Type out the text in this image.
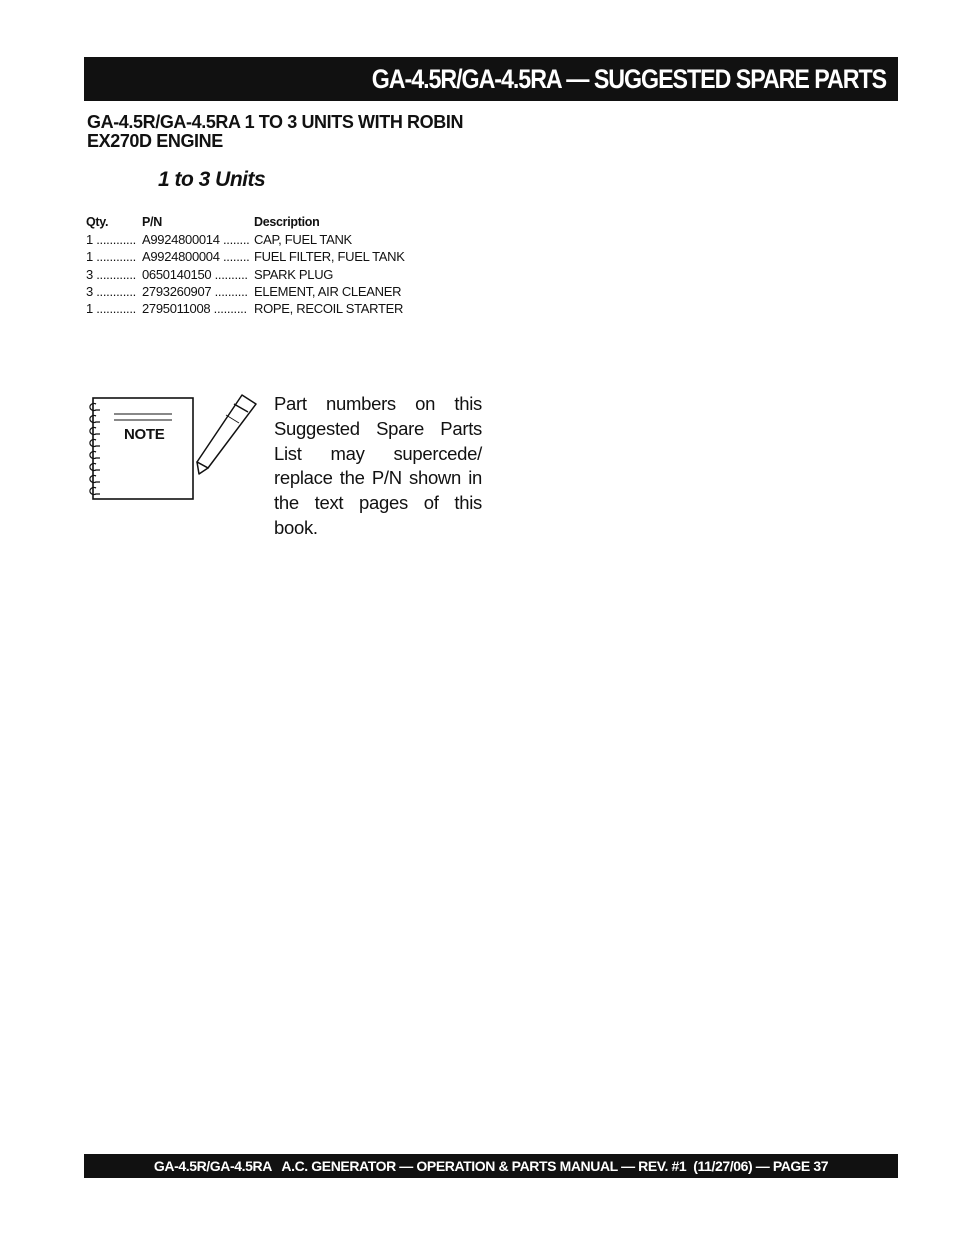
GA-4.5R/GA-4.5RA — SUGGESTED SPARE PARTS
GA-4.5R/GA-4.5RA 1 TO 3 UNITS WITH ROBIN
EX270D ENGINE
1 to 3 Units
Qty.	P/N	Description
1 ............	A9924800014 ........	CAP, FUEL TANK
1 ............	A9924800004 ........	FUEL FILTER, FUEL TANK
3 ............	0650140150 ..........	SPARK PLUG
3 ............	2793260907 ..........	ELEMENT, AIR CLEANER
1 ............	2795011008 ..........	ROPE, RECOIL STARTER
NOTE

Part numbers on this Suggested Spare Parts List may supercede/ replace the P/N shown in the text pages of this book.

GA-4.5R/GA-4.5RA   A.C. GENERATOR — OPERATION & PARTS MANUAL — REV. #1  (11/27/06) — PAGE 37
